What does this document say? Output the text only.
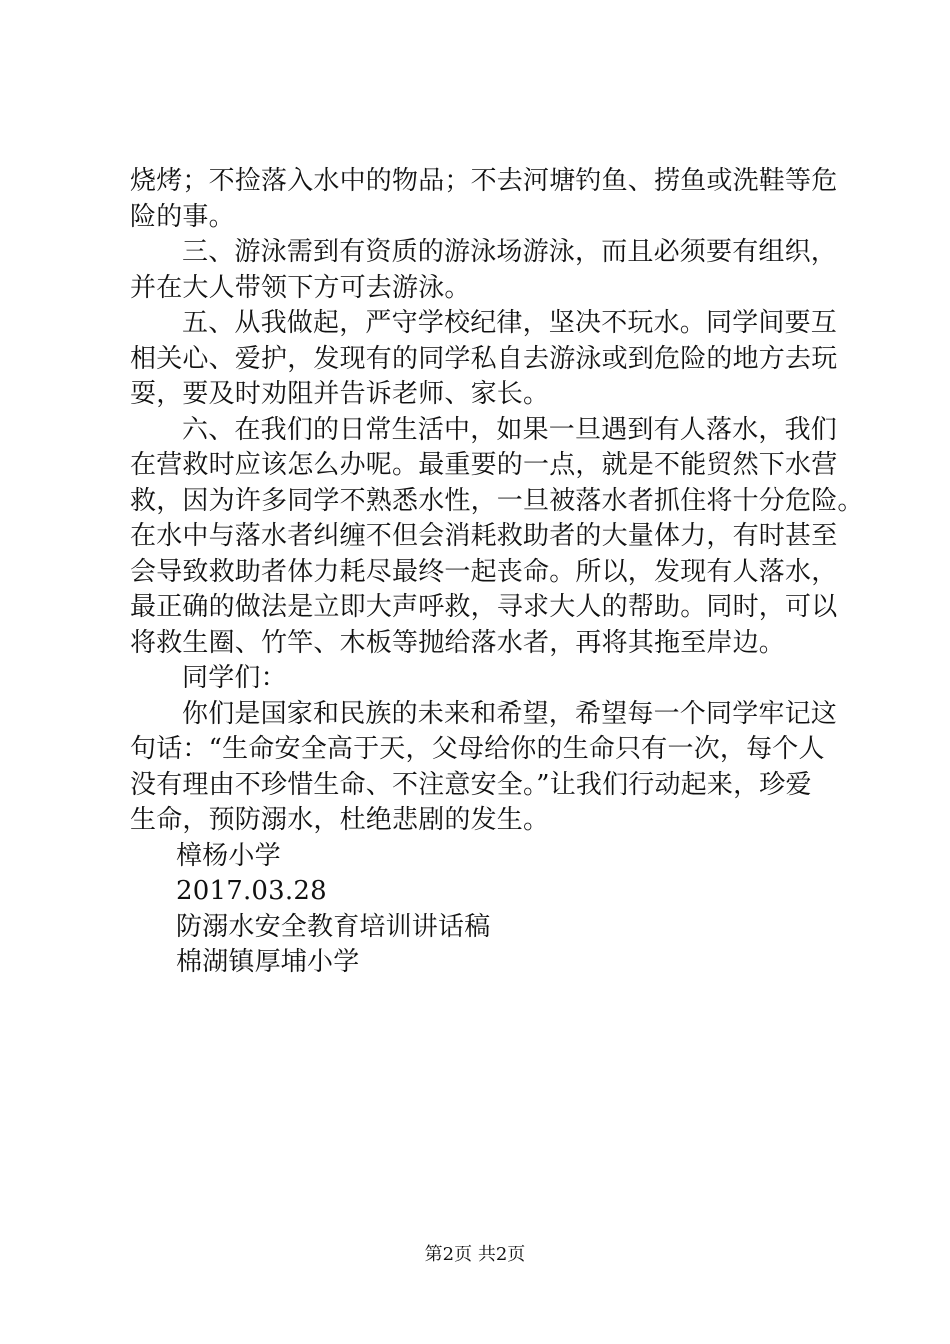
烧烤；不捡落入水中的物品；不去河塘钓鱼、捞鱼或洗鞋等危
险的事。
三、游泳需到有资质的游泳场游泳，而且必须要有组织，
并在大人带领下方可去游泳。
五、从我做起，严守学校纪律，坚决不玩水。同学间要互
相关心、爱护，发现有的同学私自去游泳或到危险的地方去玩
耍，要及时劝阻并告诉老师、家长。
六、在我们的日常生活中，如果一旦遇到有人落水，我们
在营救时应该怎么办呢。最重要的一点，就是不能贸然下水营
救，因为许多同学不熟悉水性，一旦被落水者抓住将十分危险。
在水中与落水者纠缠不但会消耗救助者的大量体力，有时甚至
会导致救助者体力耗尽最终一起丧命。所以，发现有人落水，
最正确的做法是立即大声呼救，寻求大人的帮助。同时，可以
将救生圈、竹竿、木板等抛给落水者，再将其拖至岸边。
同学们：
你们是国家和民族的未来和希望，希望每一个同学牢记这
句话：“生命安全高于天，父母给你的生命只有一次，每个人
没有理由不珍惜生命、不注意安全。”让我们行动起来，珍爱
生命，预防溺水，杜绝悲剧的发生。
樟杨小学
2017.03.28
防溺水安全教育培训讲话稿
棉湖镇厚埔小学
第2页 共2页
